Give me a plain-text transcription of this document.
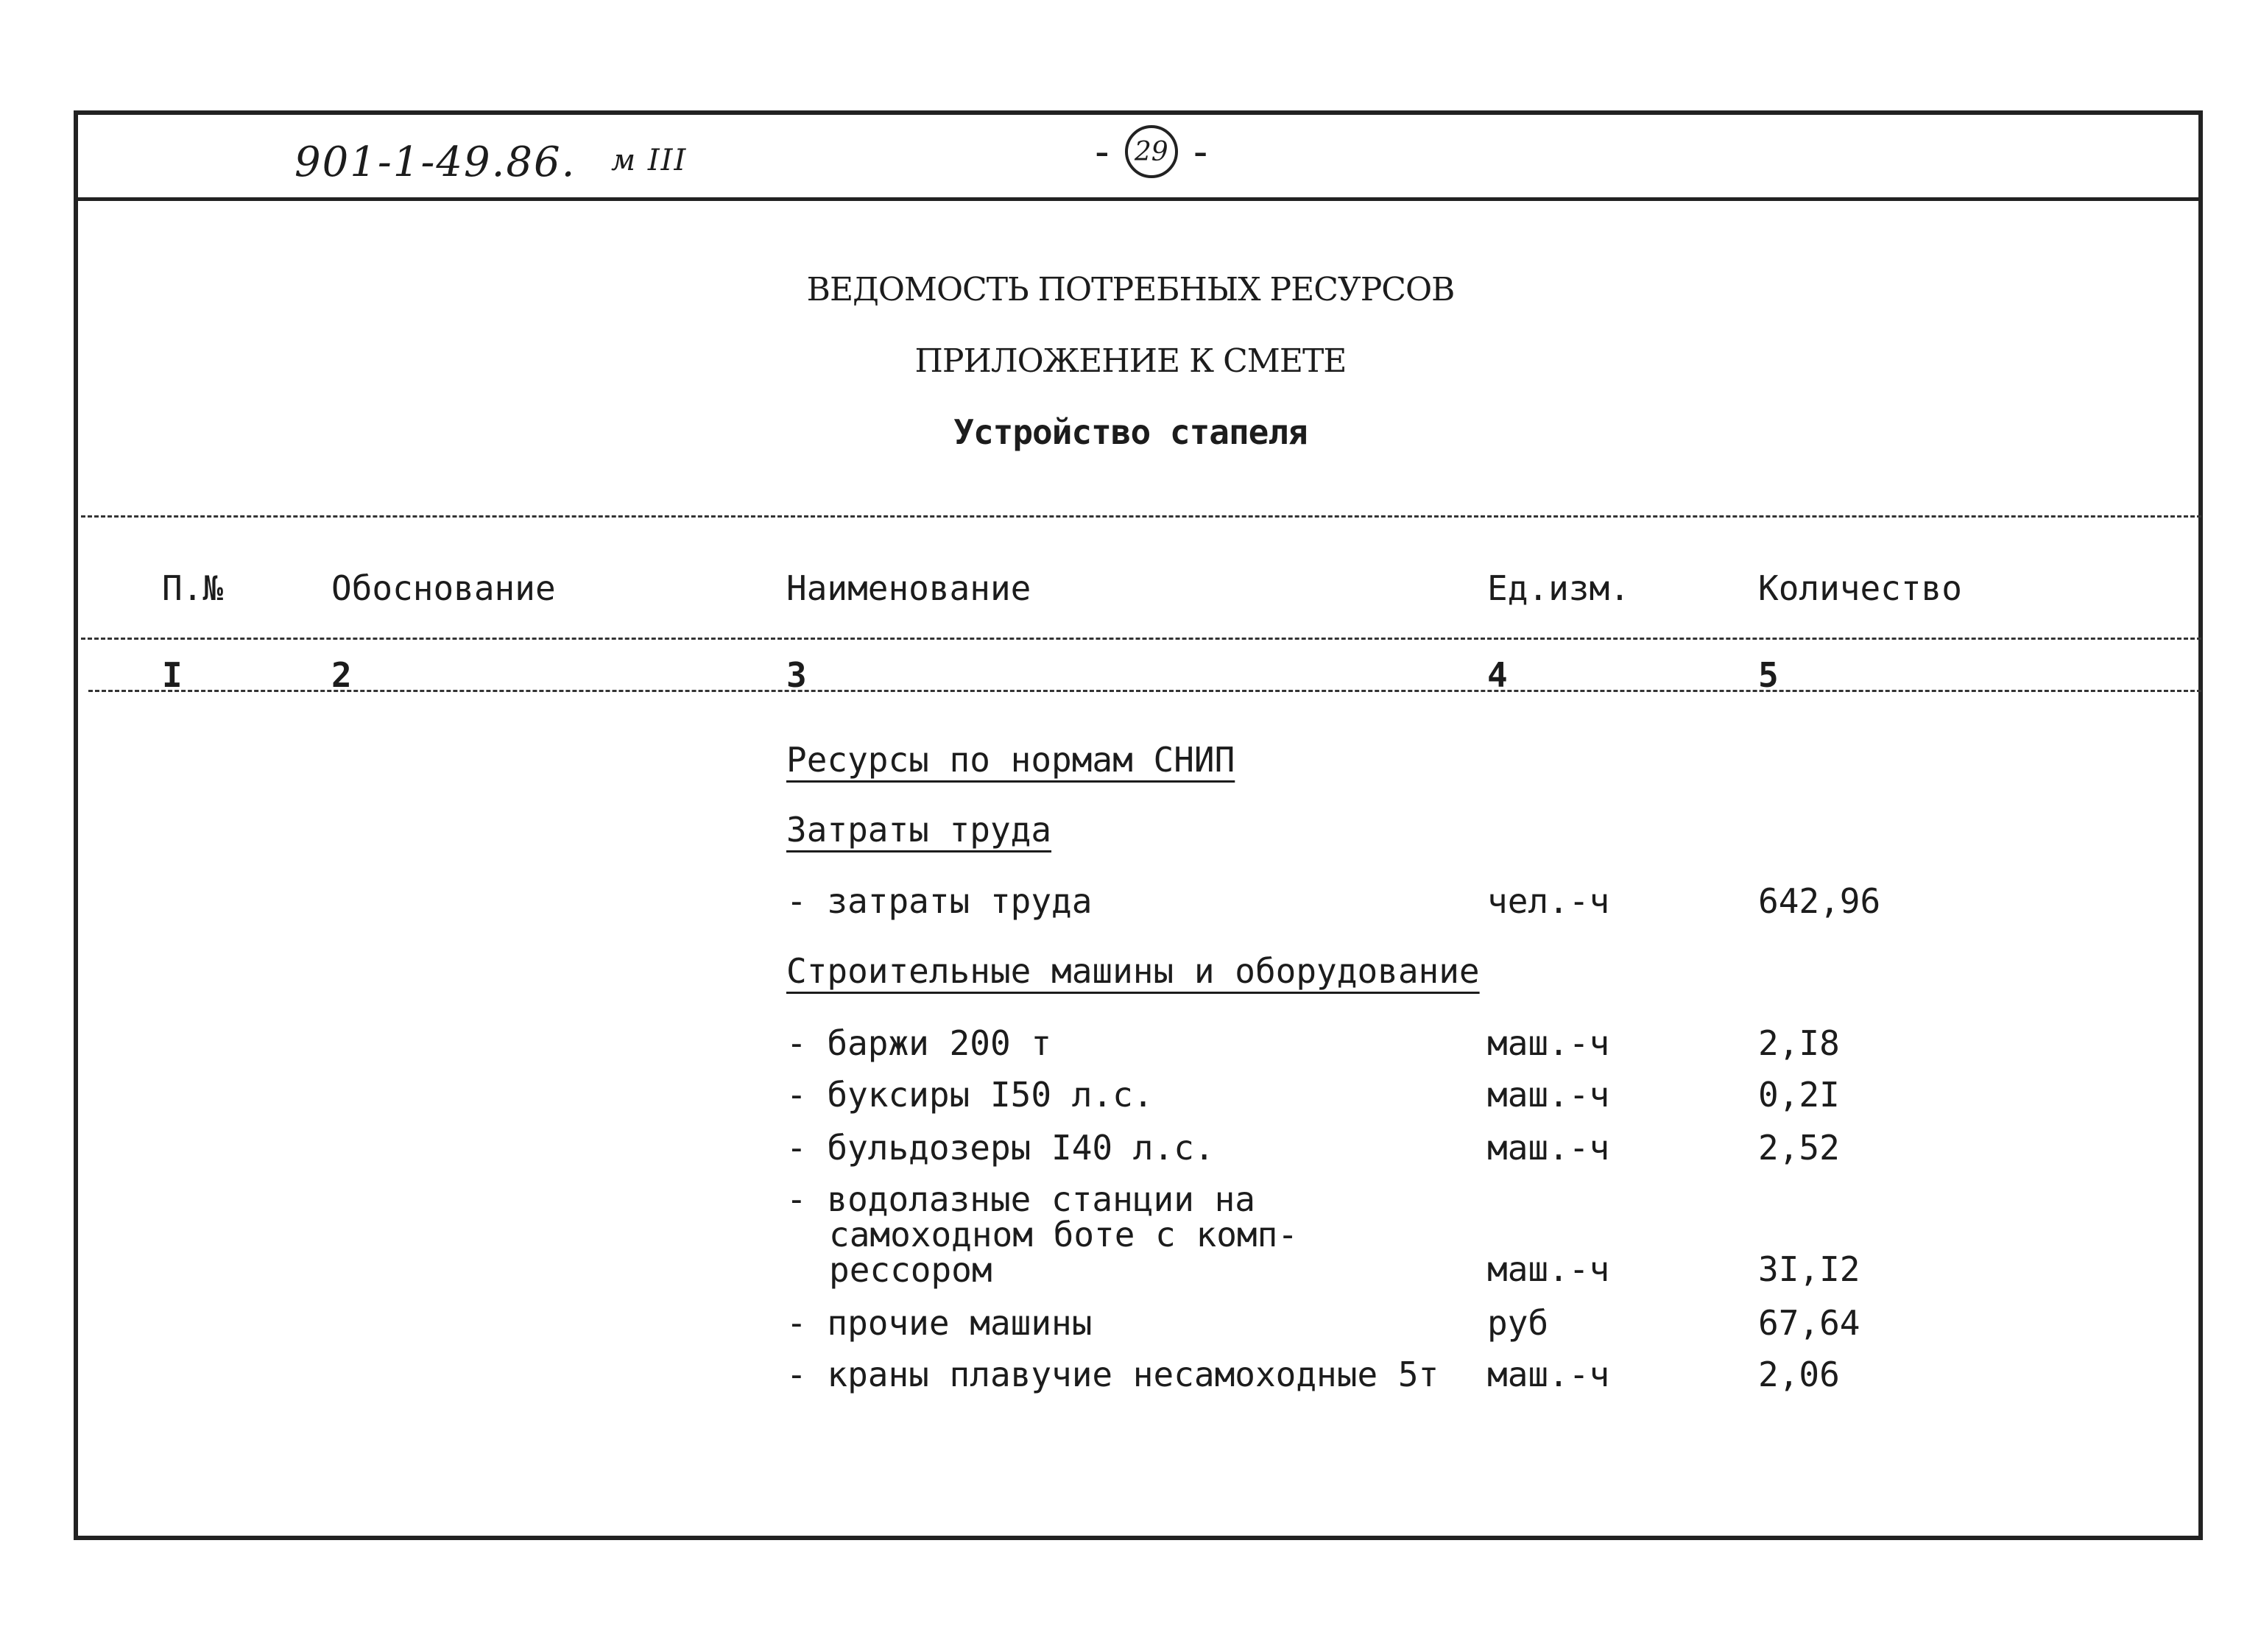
901-1-49.86. м III	- 29 -
ВЕДОМОСТЬ ПОТРЕБНЫХ РЕСУРСОВ
ПРИЛОЖЕНИЕ К СМЕТЕ
Устройство стапеля
П.№	Обоснование	Наименование	Ед.изм.	Количество
I	2	3	4	5
Ресурсы по нормам СНИП
Затраты труда
- затраты труда	чел.-ч	642,96
Строительные машины и оборудование
- баржи 200 т	маш.-ч	2,I8
- буксиры I50 л.с.	маш.-ч	0,2I
- бульдозеры I40 л.с.	маш.-ч	2,52
- водолазные станции на
самоходном боте с комп-
рессором	маш.-ч	3I,I2
- прочие машины	руб	67,64
- краны плавучие несамоходные 5т маш.-ч	2,06
